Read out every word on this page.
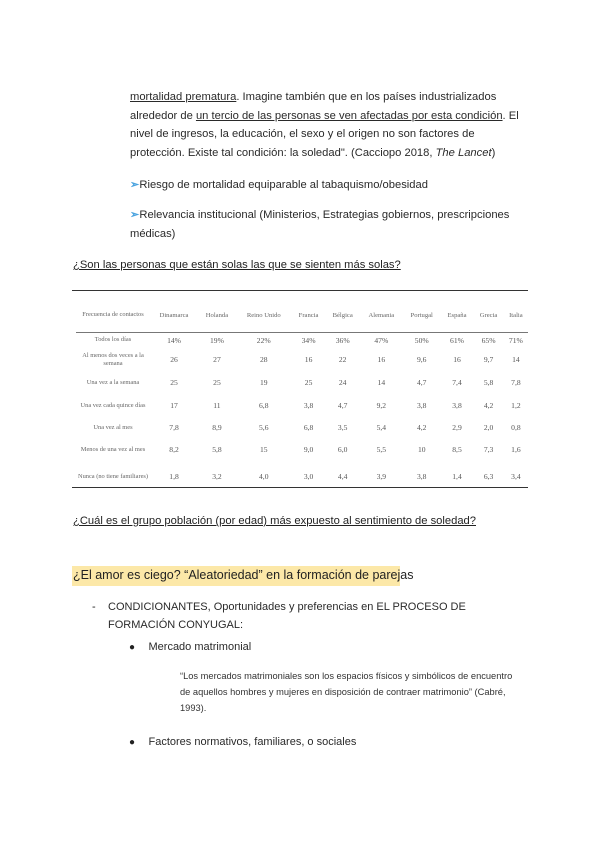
mortalidad prematura. Imagine también que en los países industrializados alrededor de un tercio de las personas se ven afectadas por esta condición. El nivel de ingresos, la educación, el sexo y el origen no son factores de protección. Existe tal condición: la soledad". (Cacciopo 2018, The Lancet)
➢Riesgo de mortalidad equiparable al tabaquismo/obesidad
➢Relevancia institucional (Ministerios, Estrategias gobiernos, prescripciones médicas)
¿Son las personas que están solas las que se sienten más solas?
Frecuencia de contactos	Dinamarca	Holanda	Reino Unido	Francia	Bélgica	Alemania	Portugal	España	Grecia	Italia
Todos los días	14%	19%	22%	34%	36%	47%	50%	61%	65%	71%
Al menos dos veces a la semana	26	27	28	16	22	16	9,6	16	9,7	14
Una vez a la semana	25	25	19	25	24	14	4,7	7,4	5,8	7,8
Una vez cada quince días	17	11	6,8	3,8	4,7	9,2	3,8	3,8	4,2	1,2
Una vez al mes	7,8	8,9	5,6	6,8	3,5	5,4	4,2	2,9	2,0	0,8
Menos de una vez al mes	8,2	5,8	15	9,0	6,0	5,5	10	8,5	7,3	1,6
Nunca (no tiene familiares)	1,8	3,2	4,0	3,0	4,4	3,9	3,8	1,4	6,3	3,4
¿Cuál es el grupo población (por edad) más expuesto al sentimiento de soledad?
¿El amor es ciego? “Aleatoriedad” en la formación de parejas
- CONDICIONANTES, Oportunidades y preferencias en EL PROCESO DE FORMACIÓN CONYUGAL:
● Mercado matrimonial
“Los mercados matrimoniales son los espacios físicos y simbólicos de encuentro de aquellos hombres y mujeres en disposición de contraer matrimonio” (Cabré, 1993).
● Factores normativos, familiares, o sociales
